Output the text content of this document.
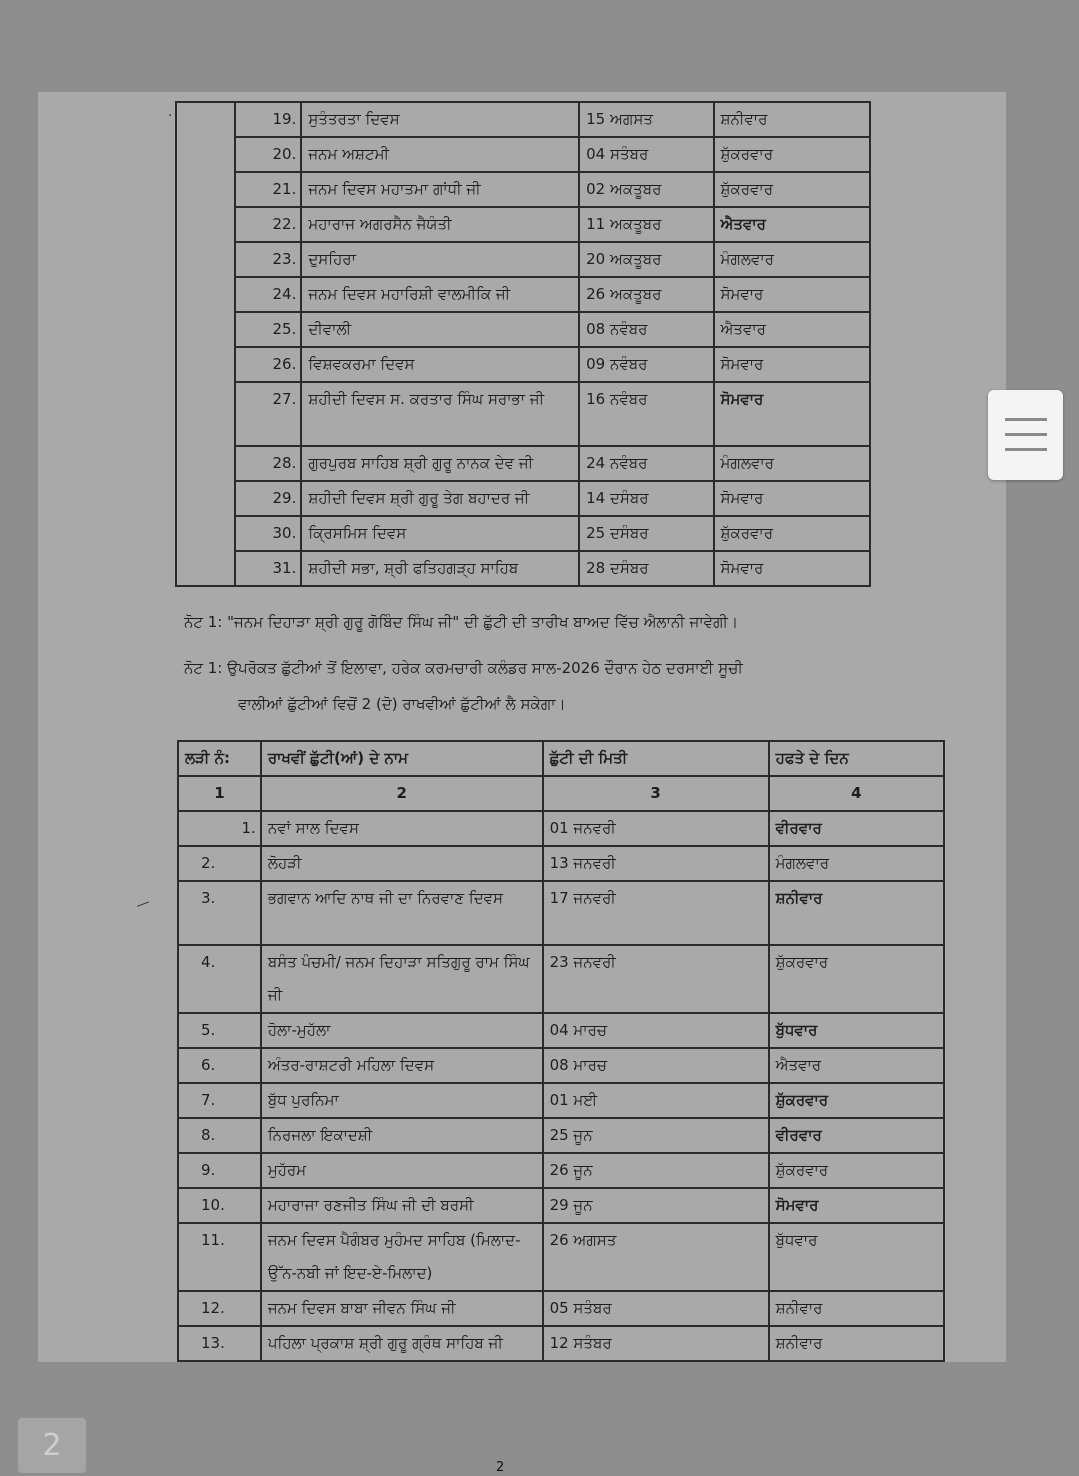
·
—
	19.	ਸੁਤੰਤਰਤਾ ਦਿਵਸ	15 ਅਗਸਤ	ਸ਼ਨੀਵਾਰ
	20.	ਜਨਮ ਅਸ਼ਟਮੀ	04 ਸਤੰਬਰ	ਸ਼ੁੱਕਰਵਾਰ
	21.	ਜਨਮ ਦਿਵਸ ਮਹਾਤਮਾ ਗਾਂਧੀ ਜੀ	02 ਅਕਤੂਬਰ	ਸ਼ੁੱਕਰਵਾਰ
	22.	ਮਹਾਰਾਜ ਅਗਰਸੈਨ ਜੈਯੰਤੀ	11 ਅਕਤੂਬਰ	ਐਤਵਾਰ
	23.	ਦੁਸਹਿਰਾ	20 ਅਕਤੂਬਰ	ਮੰਗਲਵਾਰ
	24.	ਜਨਮ ਦਿਵਸ ਮਹਾਰਿਸ਼ੀ ਵਾਲਮੀਕਿ ਜੀ	26 ਅਕਤੂਬਰ	ਸੋਮਵਾਰ
	25.	ਦੀਵਾਲੀ	08 ਨਵੰਬਰ	ਐਤਵਾਰ
	26.	ਵਿਸ਼ਵਕਰਮਾ ਦਿਵਸ	09 ਨਵੰਬਰ	ਸੋਮਵਾਰ
	27.	ਸ਼ਹੀਦੀ ਦਿਵਸ ਸ. ਕਰਤਾਰ ਸਿੰਘ ਸਰਾਭਾ ਜੀ	16 ਨਵੰਬਰ	ਸੋਮਵਾਰ
	28.	ਗੁਰਪੁਰਬ ਸਾਹਿਬ ਸ਼੍ਰੀ ਗੁਰੂ ਨਾਨਕ ਦੇਵ ਜੀ	24 ਨਵੰਬਰ	ਮੰਗਲਵਾਰ
	29.	ਸ਼ਹੀਦੀ ਦਿਵਸ ਸ਼੍ਰੀ ਗੁਰੂ ਤੇਗ ਬਹਾਦਰ ਜੀ	14 ਦਸੰਬਰ	ਸੋਮਵਾਰ
	30.	ਕ੍ਰਿਸਮਿਸ ਦਿਵਸ	25 ਦਸੰਬਰ	ਸ਼ੁੱਕਰਵਾਰ
	31.	ਸ਼ਹੀਦੀ ਸਭਾ, ਸ਼੍ਰੀ ਫਤਿਹਗੜ੍ਹ ਸਾਹਿਬ	28 ਦਸੰਬਰ	ਸੋਮਵਾਰ
ਨੋਟ 1: "ਜਨਮ ਦਿਹਾੜਾ ਸ਼੍ਰੀ ਗੁਰੂ ਗੋਬਿੰਦ ਸਿੰਘ ਜੀ" ਦੀ ਛੁੱਟੀ ਦੀ ਤਾਰੀਖ ਬਾਅਦ ਵਿੱਚ ਐਲਾਨੀ ਜਾਵੇਗੀ।
ਨੋਟ 1: ਉਪਰੋਕਤ ਛੁੱਟੀਆਂ ਤੋਂ ਇਲਾਵਾ, ਹਰੇਕ ਕਰਮਚਾਰੀ ਕਲੰਡਰ ਸਾਲ-2026 ਦੌਰਾਨ ਹੇਠ ਦਰਸਾਈ ਸੂਚੀ
ਵਾਲੀਆਂ ਛੁੱਟੀਆਂ ਵਿਚੋਂ 2 (ਦੋ) ਰਾਖਵੀਆਂ ਛੁੱਟੀਆਂ ਲੈ ਸਕੇਗਾ।
ਲੜੀ ਨੰ:	ਰਾਖਵੀਂ ਛੁੱਟੀ(ਆਂ) ਦੇ ਨਾਮ	ਛੁੱਟੀ ਦੀ ਮਿਤੀ	ਹਫਤੇ ਦੇ ਦਿਨ
1	2	3	4
1.	ਨਵਾਂ ਸਾਲ ਦਿਵਸ	01 ਜਨਵਰੀ	ਵੀਰਵਾਰ
2.	ਲੋਹੜੀ	13 ਜਨਵਰੀ	ਮੰਗਲਵਾਰ
3.	ਭਗਵਾਨ ਆਦਿ ਨਾਥ ਜੀ ਦਾ ਨਿਰਵਾਣ ਦਿਵਸ	17 ਜਨਵਰੀ	ਸ਼ਨੀਵਾਰ
4.	ਬਸੰਤ ਪੰਚਮੀ/ ਜਨਮ ਦਿਹਾੜਾ ਸਤਿਗੁਰੂ ਰਾਮ ਸਿੰਘ ਜੀ	23 ਜਨਵਰੀ	ਸ਼ੁੱਕਰਵਾਰ
5.	ਹੋਲਾ-ਮੁਹੱਲਾ	04 ਮਾਰਚ	ਬੁੱਧਵਾਰ
6.	ਅੰਤਰ-ਰਾਸ਼ਟਰੀ ਮਹਿਲਾ ਦਿਵਸ	08 ਮਾਰਚ	ਐਤਵਾਰ
7.	ਬੁੱਧ ਪੁਰਨਿਮਾ	01 ਮਈ	ਸ਼ੁੱਕਰਵਾਰ
8.	ਨਿਰਜਲਾ ਇਕਾਦਸ਼ੀ	25 ਜੂਨ	ਵੀਰਵਾਰ
9.	ਮੁਹੱਰਮ	26 ਜੂਨ	ਸ਼ੁੱਕਰਵਾਰ
10.	ਮਹਾਰਾਜਾ ਰਣਜੀਤ ਸਿੰਘ ਜੀ ਦੀ ਬਰਸੀ	29 ਜੂਨ	ਸੋਮਵਾਰ
11.	ਜਨਮ ਦਿਵਸ ਪੈਗੰਬਰ ਮੁਹੰਮਦ ਸਾਹਿਬ (ਮਿਲਾਦ-ਉੱਨ-ਨਬੀ ਜਾਂ ਇਦ-ਏ-ਮਿਲਾਦ)	26 ਅਗਸਤ	ਬੁੱਧਵਾਰ
12.	ਜਨਮ ਦਿਵਸ ਬਾਬਾ ਜੀਵਨ ਸਿੰਘ ਜੀ	05 ਸਤੰਬਰ	ਸ਼ਨੀਵਾਰ
13.	ਪਹਿਲਾ ਪ੍ਰਕਾਸ਼ ਸ਼੍ਰੀ ਗੁਰੂ ਗ੍ਰੰਥ ਸਾਹਿਬ ਜੀ	12 ਸਤੰਬਰ	ਸ਼ਨੀਵਾਰ
2
2
